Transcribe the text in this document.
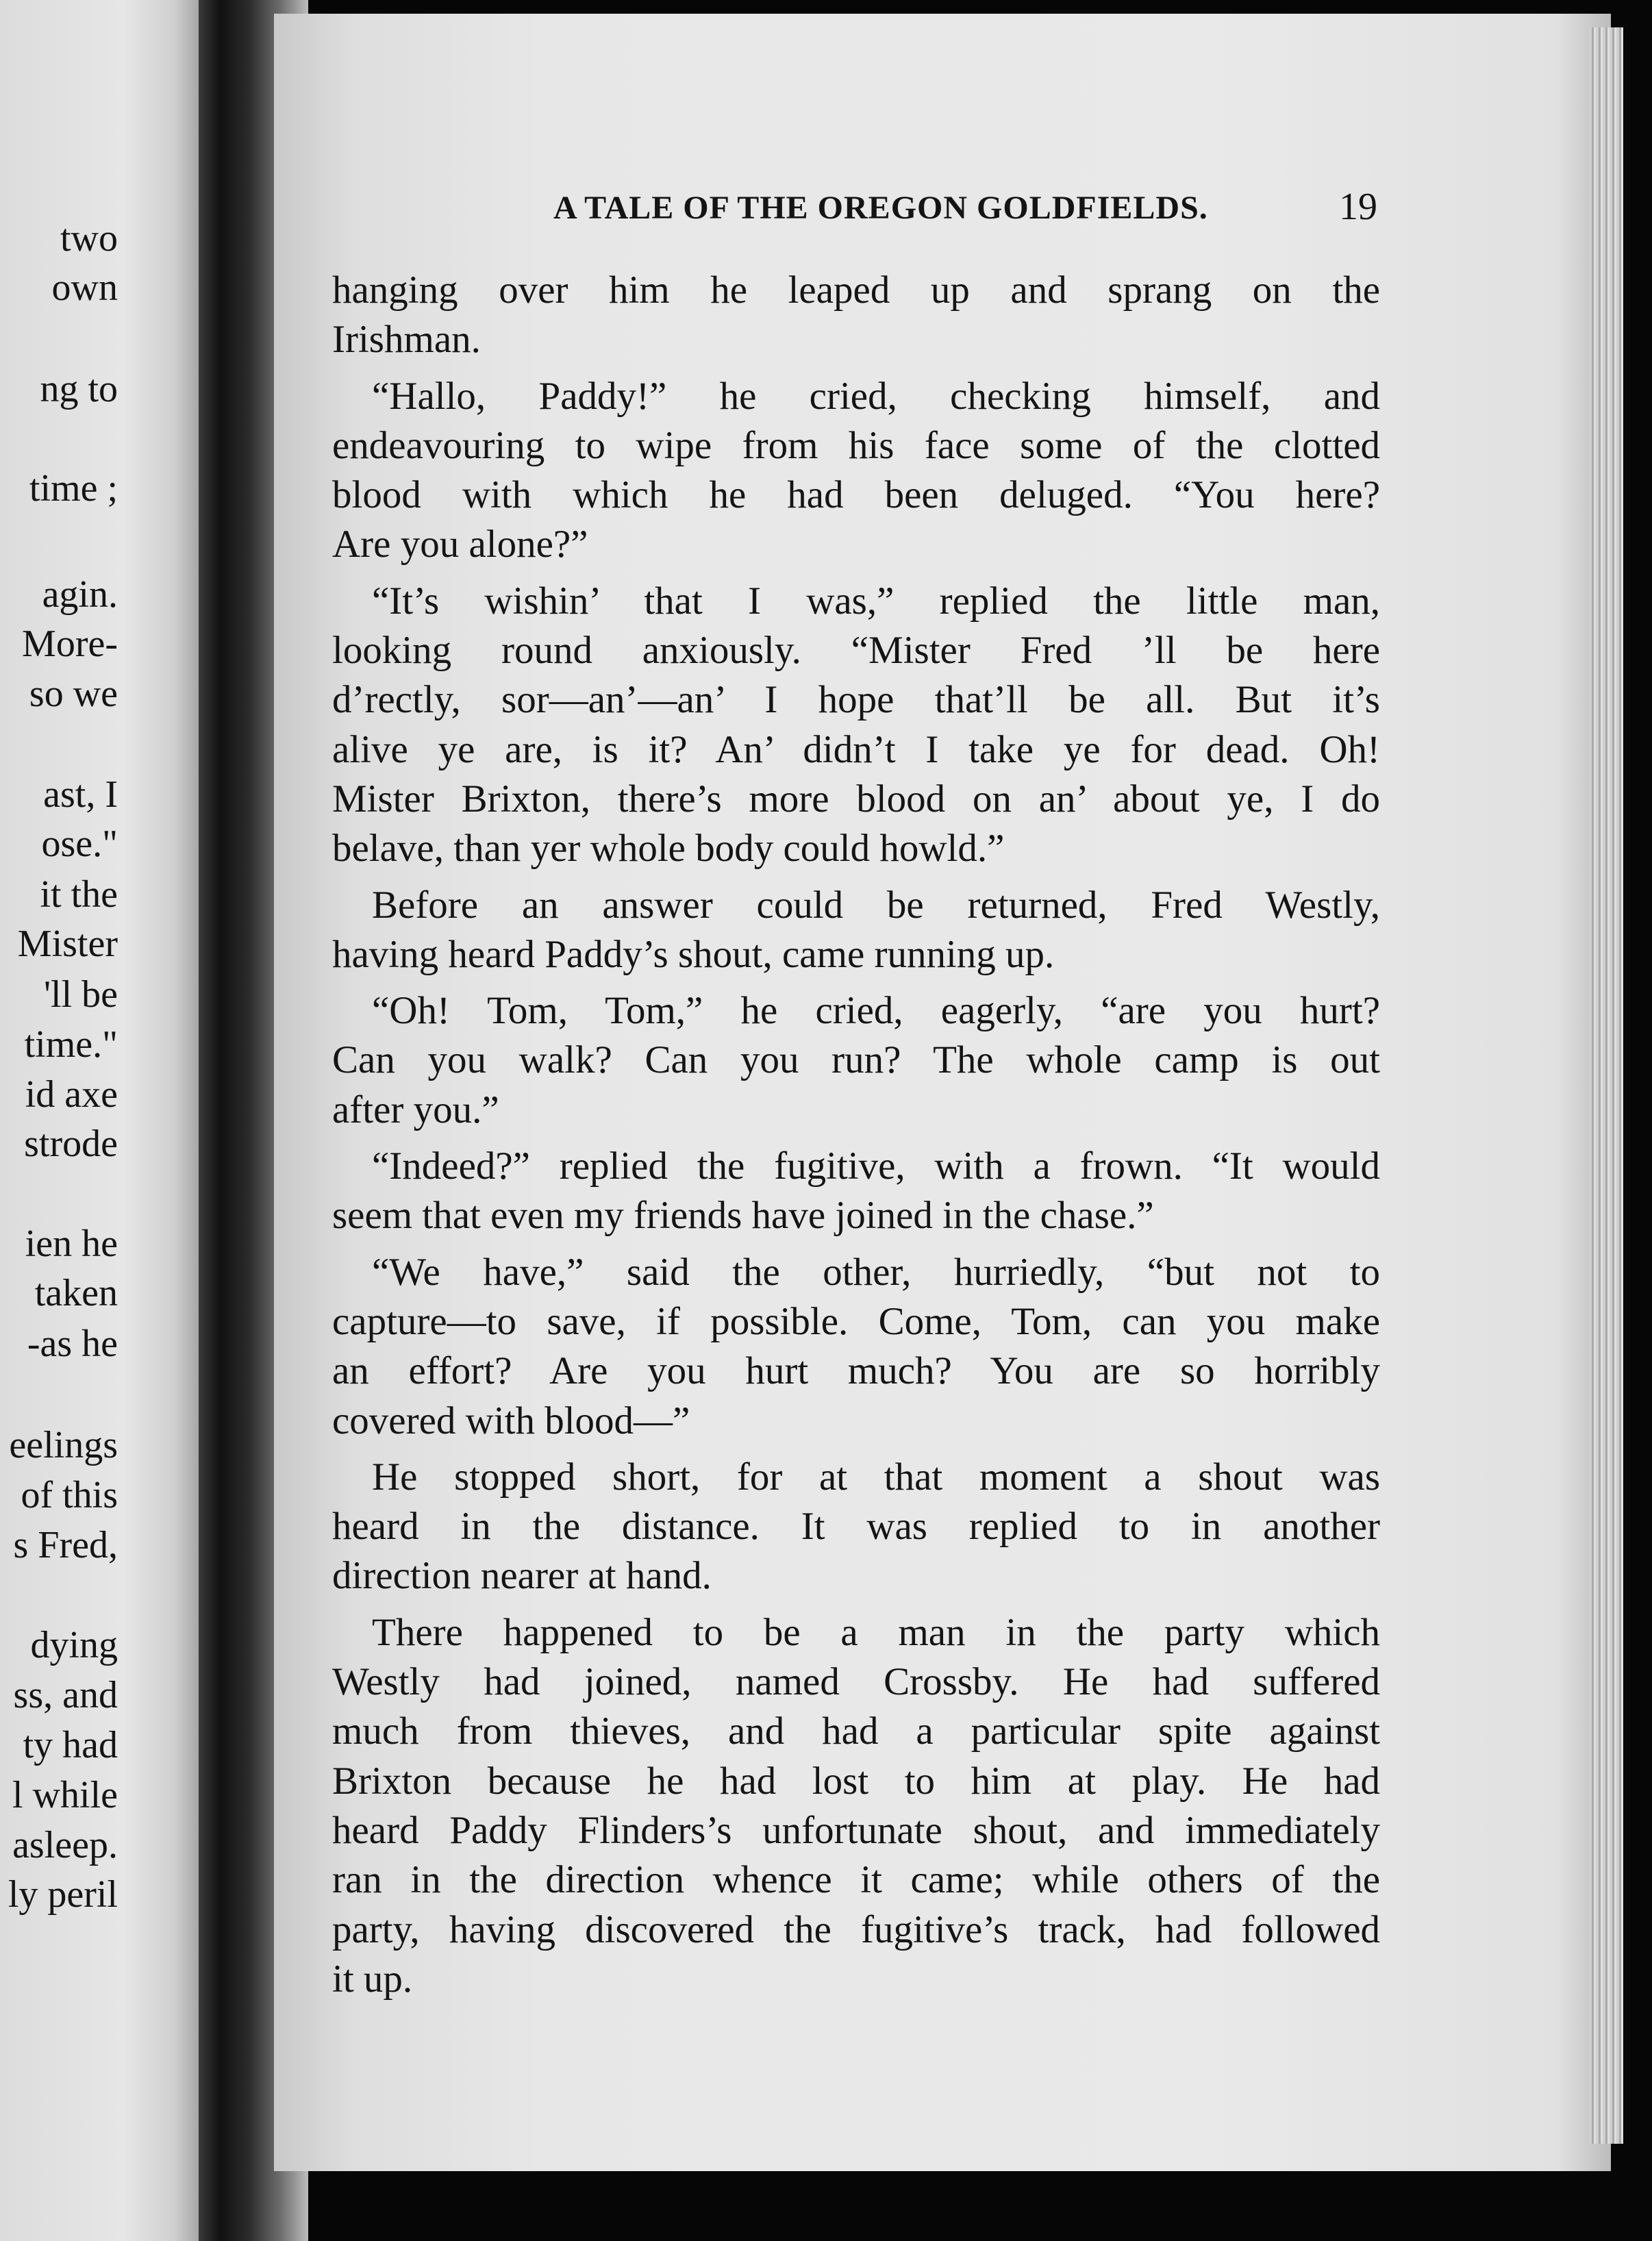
two
own
ng to
time ;
agin.
More-
so we
ast, I
ose."
it the
Mister
'll be
time."
id axe
strode
ien he
taken
-as he
eelings
of this
s Fred,
dying
ss, and
ty had
l while
asleep.
ly peril
A TALE OF THE OREGON GOLDFIELDS.	19
hanging over him he leaped up and sprang on the
Irishman.
“Hallo, Paddy!” he cried, checking himself, and
endeavouring to wipe from his face some of the clotted
blood with which he had been deluged. “You here?
Are you alone?”
“It’s wishin’ that I was,” replied the little man,
looking round anxiously. “Mister Fred ’ll be here
d’rectly, sor—an’—an’ I hope that’ll be all. But it’s
alive ye are, is it? An’ didn’t I take ye for dead. Oh!
Mister Brixton, there’s more blood on an’ about ye, I do
belave, than yer whole body could howld.”
Before an answer could be returned, Fred Westly,
having heard Paddy’s shout, came running up.
“Oh! Tom, Tom,” he cried, eagerly, “are you hurt?
Can you walk? Can you run? The whole camp is out
after you.”
“Indeed?” replied the fugitive, with a frown. “It would
seem that even my friends have joined in the chase.”
“We have,” said the other, hurriedly, “but not to
capture—to save, if possible. Come, Tom, can you make
an effort? Are you hurt much? You are so horribly
covered with blood—”
He stopped short, for at that moment a shout was
heard in the distance. It was replied to in another
direction nearer at hand.
There happened to be a man in the party which
Westly had joined, named Crossby. He had suffered
much from thieves, and had a particular spite against
Brixton because he had lost to him at play. He had
heard Paddy Flinders’s unfortunate shout, and immediately
ran in the direction whence it came; while others of the
party, having discovered the fugitive’s track, had followed
it up.
